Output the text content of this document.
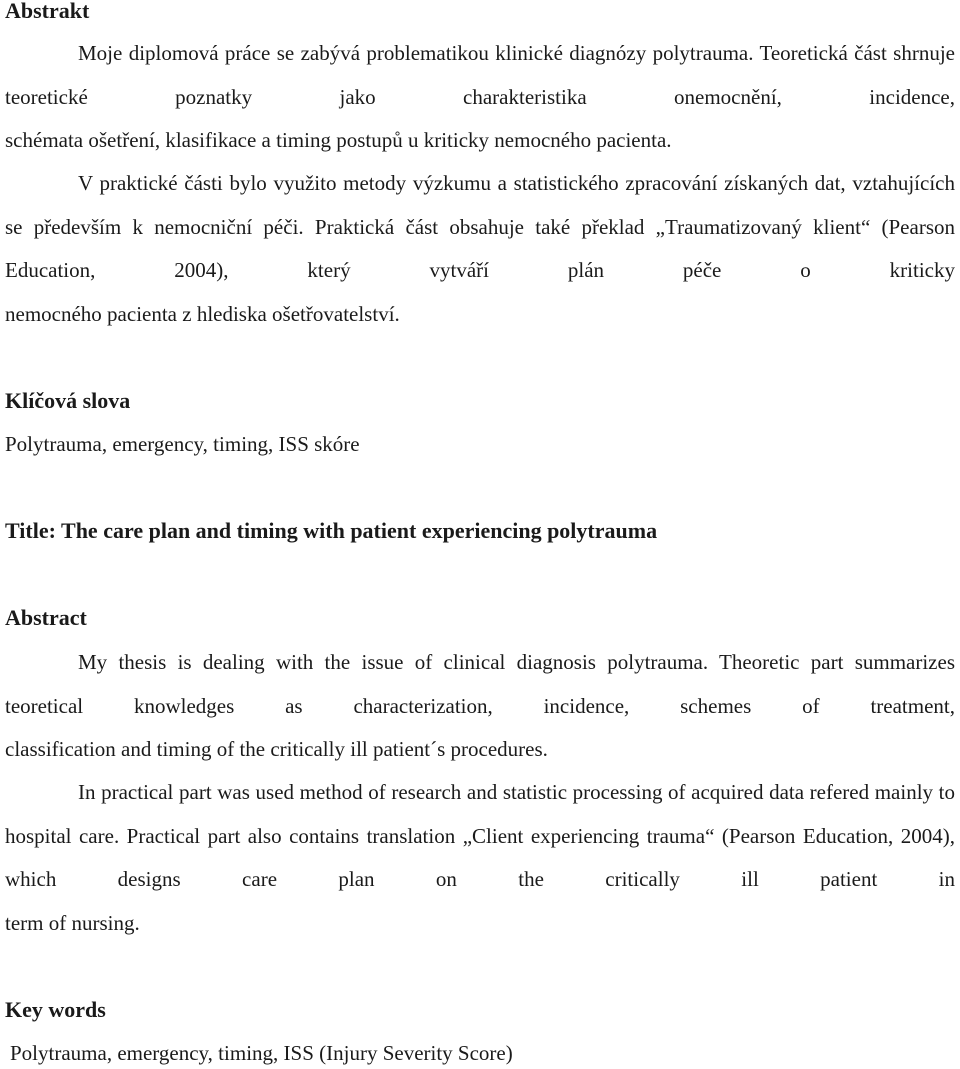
Abstrakt

Moje diplomová práce se zabývá problematikou klinické diagnózy polytrauma. Teoretická část shrnuje teoretické poznatky jako charakteristika onemocnění, incidence,

schémata ošetření, klasifikace a timing postupů u kriticky nemocného pacienta.

V praktické části bylo využito metody výzkumu a statistického zpracování získaných dat, vztahujících se především k nemocniční péči. Praktická část obsahuje také překlad „Traumatizovaný klient“ (Pearson Education, 2004), který vytváří plán péče o kriticky

nemocného pacienta z hlediska ošetřovatelství.

Klíčová slova

Polytrauma, emergency, timing, ISS skóre

Title: The care plan and timing with patient experiencing polytrauma
Abstract

My thesis is dealing with the issue of clinical diagnosis polytrauma. Theoretic part summarizes teoretical knowledges as characterization, incidence, schemes of treatment,

classification and timing of the critically ill patient´s procedures.

In practical part was used method of research and statistic processing of acquired data refered mainly to hospital care. Practical part also contains translation „Client experiencing trauma“ (Pearson Education, 2004), which designs care plan on the critically ill patient in

term of nursing.

Key words

Polytrauma, emergency, timing, ISS (Injury Severity Score)
